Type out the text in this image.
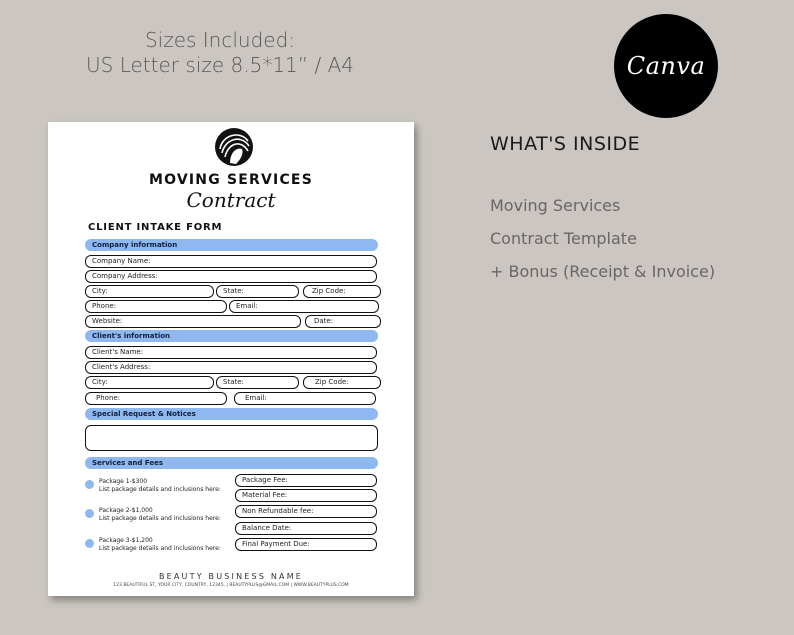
Sizes Included:
US Letter size 8.5*11” / A4	Canva
WHAT'S INSIDE
Moving Services
Contract Template
+ Bonus (Receipt & Invoice)
MOVING SERVICES
Contract
CLIENT INTAKE FORM
Company information
Company Name:
Company Address:
City:	State:	Zip Code:
Phone:	Email:
Website:	Date:
Client's information
Client's Name:
Client's Address:
City:	State:	Zip Code:
Phone:	Email:
Special Request & Notices
Services and Fees
Package 1-$300
List package details and inclusions here:
Package 2-$1,000
List package details and inclusions here:
Package 3-$1,200
List package details and inclusions here:
Package Fee:
Material Fee:
Non Refundable fee:
Balance Date:
Final Payment Due:
BEAUTY BUSINESS NAME
123 BEAUTIFUL ST, YOUR CITY, COUNTRY, 12345, | BEAUTYPLUS@GMAIL.COM | WWW.BEAUTYPLUS.COM
